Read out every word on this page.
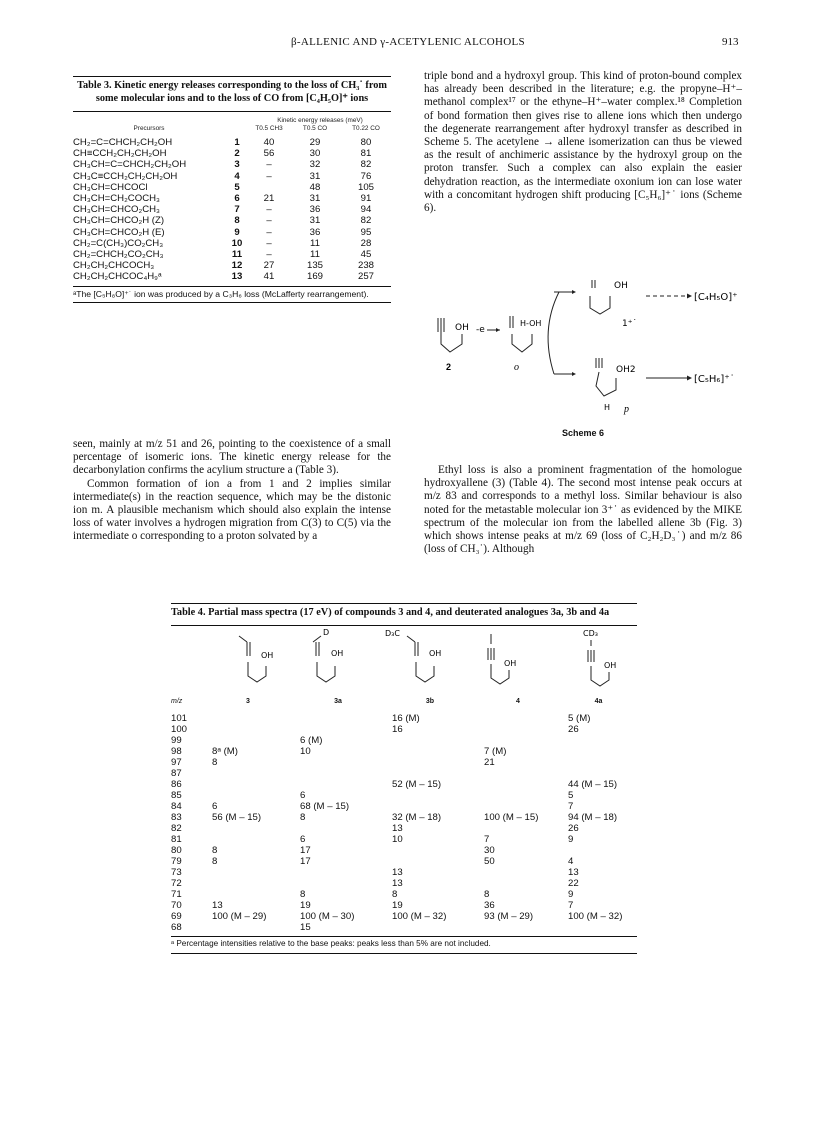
β-ALLENIC AND γ-ACETYLENIC ALCOHOLS	913
Table 3. Kinetic energy releases corresponding to the loss of CH₃˙ from some molecular ions and to the loss of CO from [C₄H₅O]⁺ ions
		Kinetic energy releases (meV)		
Precursors		T0.5 CH3	T0.5 CO	T0.22 CO

CH₂=C=CHCH₂CH₂OH	1	40	29	80
CH≡CCH₂CH₂CH₂OH	2	56	30	81
CH₃CH=C=CHCH₂CH₂OH	3	–	32	82
CH₃C≡CCH₂CH₂CH₂OH	4	–	31	76
CH₃CH=CHCOCl	5		48	105
CH₃CH=CH₂COCH₃	6	21	31	91
CH₃CH=CHCO₂CH₃	7	–	36	94
CH₃CH=CHCO₂H (Z)	8	–	31	82
CH₃CH=CHCO₂H (E)	9	–	36	95
CH₂=C(CH₃)CO₂CH₃	10	–	11	28
CH₂=CHCH₂CO₂CH₃	11	–	11	45
CH₂CH₂CHCOCH₃	12	27	135	238
CH₂CH₂CHCOC₄H₉ᵃ	13	41	169	257
ᵃThe [C₅H₈O]⁺˙ ion was produced by a C₃H₆ loss (McLafferty rearrangement).

seen, mainly at m/z 51 and 26, pointing to the coexistence of a small percentage of isomeric ions. The kinetic energy release for the decarbonylation confirms the acylium structure a (Table 3).

Common formation of ion a from 1 and 2 implies similar intermediate(s) in the reaction sequence, which may be the distonic ion m. A plausible mechanism which should also explain the intense loss of water involves a hydrogen migration from C(3) to C(5) via the intermediate o corresponding to a proton solvated by a

triple bond and a hydroxyl group. This kind of proton-bound complex has already been described in the literature; e.g. the propyne–H⁺–methanol complex¹⁷ or the ethyne–H⁺–water complex.¹⁸ Completion of bond formation then gives rise to allene ions which then undergo the degenerate rearrangement after hydroxyl transfer as described in Scheme 5. The acetylene → allene isomerization can thus be viewed as the result of anchimeric assistance by the hydroxyl group on the proton transfer. Such a complex can also explain the easier dehydration reaction, as the intermediate oxonium ion can lose water with a concomitant hydrogen shift producing [C₅H₆]⁺˙ ions (Scheme 6).

OH
2
-e
H-OH
o
OH
1⁺˙
[C₄H₅O]⁺
OH2
H p
[C₅H₆]⁺˙
Scheme 6

Ethyl loss is also a prominent fragmentation of the homologue hydroxyallene (3) (Table 4). The second most intense peak occurs at m/z 83 and corresponds to a methyl loss. Similar behaviour is also noted for the metastable molecular ion 3⁺˙ as evidenced by the MIKE spectrum of the molecular ion from the labelled allene 3b (Fig. 3) which shows intense peaks at m/z 69 (loss of C₂H₂D₃˙) and m/z 86 (loss of CH₃˙). Although

Table 4. Partial mass spectra (17 eV) of compounds 3 and 4, and deuterated analogues 3a, 3b and 4a
OH
D
OH
D₃C
OH
OH
CD₃
OH
m/z	3	3a	3b	4	4a

101			16 (M)		5 (M)
100			16		26
99		6 (M)			
98	8ᵃ (M)	10		7 (M)	
97	8			21	
87					
86			52 (M – 15)		44 (M – 15)
85		6			5
84	6	68 (M – 15)			7
83	56 (M – 15)	8	32 (M – 18)	100 (M – 15)	94 (M – 18)
82			13		26
81		6	10	7	9
80	8	17		30	
79	8	17		50	4
73			13		13
72			13		22
71		8	8	8	9
70	13	19	19	36	7
69	100 (M – 29)	100 (M – 30)	100 (M – 32)	93 (M – 29)	100 (M – 32)
68		15			
ᵃ Percentage intensities relative to the base peaks: peaks less than 5% are not included.
